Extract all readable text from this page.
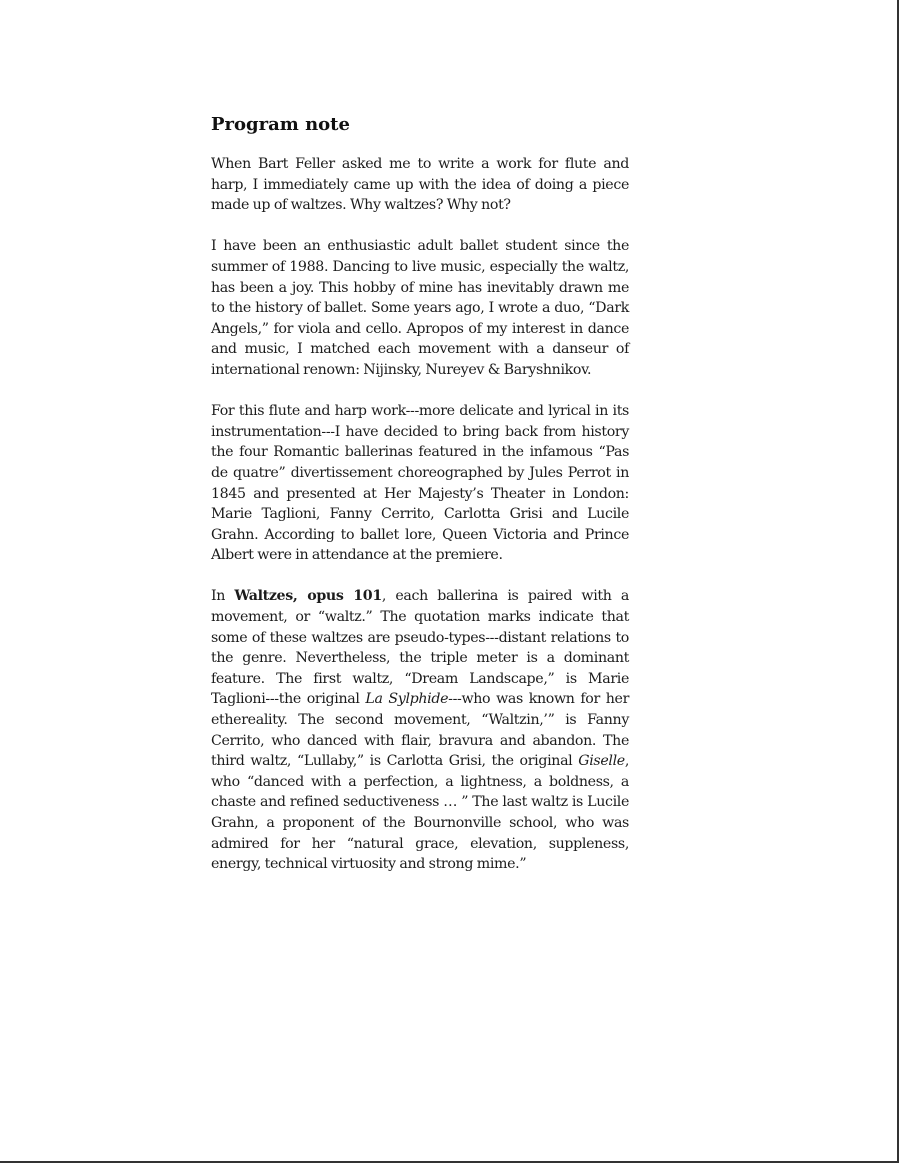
Program note

When Bart Feller asked me to write a work for flute and harp, I immediately came up with the idea of doing a piece made up of waltzes. Why waltzes? Why not?

I have been an enthusiastic adult ballet student since the summer of 1988. Dancing to live music, especially the waltz, has been a joy. This hobby of mine has inevitably drawn me to the history of ballet. Some years ago, I wrote a duo, “Dark Angels,” for viola and cello. Apropos of my interest in dance and music, I matched each movement with a danseur of international renown: Nijinsky, Nureyev & Baryshnikov.

For this flute and harp work---more delicate and lyrical in its instrumentation---I have decided to bring back from history the four Romantic ballerinas featured in the infamous “Pas de quatre” divertissement choreographed by Jules Perrot in 1845 and presented at Her Majesty’s Theater in London: Marie Taglioni, Fanny Cerrito, Carlotta Grisi and Lucile Grahn. According to ballet lore, Queen Victoria and Prince Albert were in attendance at the premiere.

In Waltzes, opus 101, each ballerina is paired with a movement, or “waltz.” The quotation marks indicate that some of these waltzes are pseudo-types---distant relations to the genre. Nevertheless, the triple meter is a dominant feature. The first waltz, “Dream Landscape,” is Marie Taglioni---the original La Sylphide---who was known for her ethereality. The second movement, “Waltzin,’” is Fanny Cerrito, who danced with flair, bravura and abandon. The third waltz, “Lullaby,” is Carlotta Grisi, the original Giselle, who “danced with a perfection, a lightness, a boldness, a chaste and refined seductiveness … ” The last waltz is Lucile Grahn, a proponent of the Bournonville school, who was admired for her “natural grace, elevation, suppleness, energy, technical virtuosity and strong mime.”
